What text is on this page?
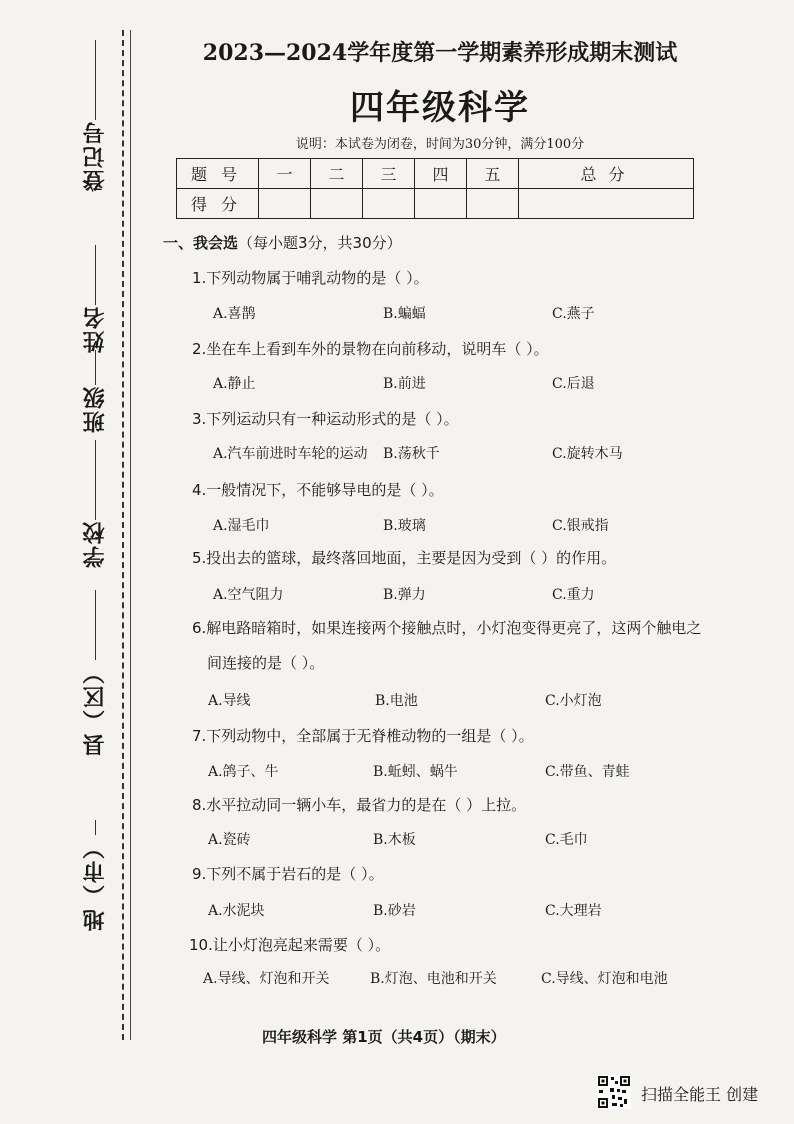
登记号
姓名
班级
学校
县（区）
地（市）
2023—2024学年度第一学期素养形成期末测试
四年级科学
说明：本试卷为闭卷，时间为30分钟，满分100分
题号	一	二	三	四	五	总分
得分						
一、我会选（每小题3分，共30分）
1.下列动物属于哺乳动物的是（ ）。
A.喜鹊	B.蝙蝠	C.燕子
2.坐在车上看到车外的景物在向前移动，说明车（ ）。
A.静止	B.前进	C.后退
3.下列运动只有一种运动形式的是（ ）。
A.汽车前进时车轮的运动 B.荡秋千	C.旋转木马
4.一般情况下，不能够导电的是（ ）。
A.湿毛巾	B.玻璃	C.银戒指
5.投出去的篮球，最终落回地面，主要是因为受到（ ）的作用。
A.空气阻力	B.弹力	C.重力
6.解电路暗箱时，如果连接两个接触点时，小灯泡变得更亮了，这两个触电之
间连接的是（ ）。
A.导线	B.电池	C.小灯泡
7.下列动物中，全部属于无脊椎动物的一组是（ ）。
A.鸽子、牛	B.蚯蚓、蜗牛	C.带鱼、青蛙
8.水平拉动同一辆小车，最省力的是在（ ）上拉。
A.瓷砖	B.木板	C.毛巾
9.下列不属于岩石的是（ ）。
A.水泥块	B.砂岩	C.大理岩
10.让小灯泡亮起来需要（ ）。
A.导线、灯泡和开关	B.灯泡、电池和开关	C.导线、灯泡和电池
四年级科学 第1页（共4页）（期末）
扫描全能王 创建
